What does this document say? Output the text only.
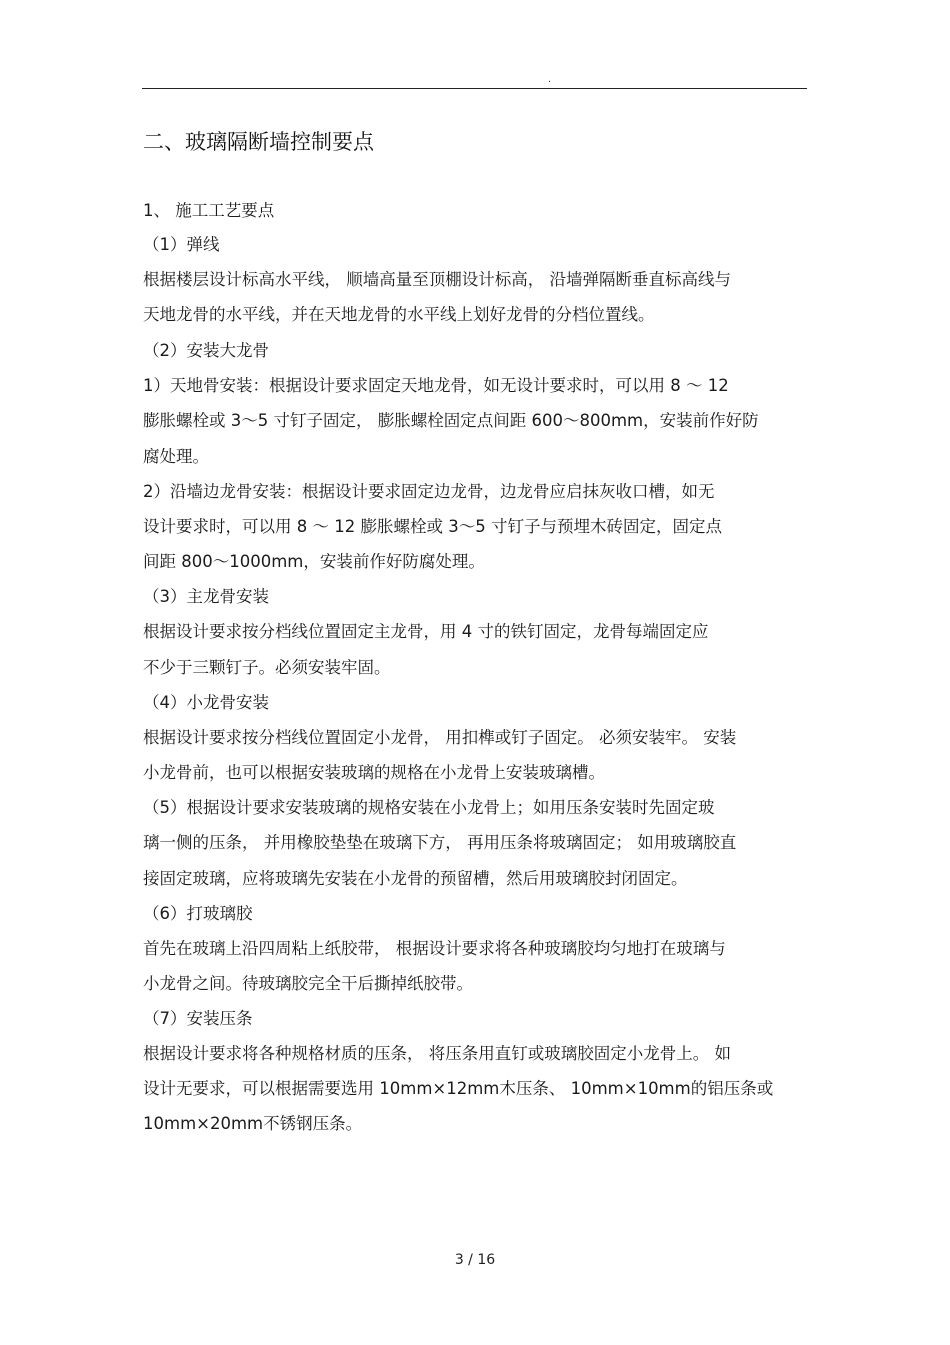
.
二、玻璃隔断墙控制要点
1、 施工工艺要点
（1）弹线
根据楼层设计标高水平线， 顺墙高量至顶棚设计标高， 沿墙弹隔断垂直标高线与
天地龙骨的水平线，并在天地龙骨的水平线上划好龙骨的分档位置线。
（2）安装大龙骨
1）天地骨安装：根据设计要求固定天地龙骨，如无设计要求时，可以用 8 ～ 12
膨胀螺栓或 3～5 寸钉子固定， 膨胀螺栓固定点间距 600～800mm，安装前作好防
腐处理。
2）沿墙边龙骨安装：根据设计要求固定边龙骨，边龙骨应启抹灰收口槽，如无
设计要求时，可以用 8 ～ 12 膨胀螺栓或 3～5 寸钉子与预埋木砖固定，固定点
间距 800～1000mm，安装前作好防腐处理。
（3）主龙骨安装
根据设计要求按分档线位置固定主龙骨，用 4 寸的铁钉固定，龙骨每端固定应
不少于三颗钉子。必须安装牢固。
（4）小龙骨安装
根据设计要求按分档线位置固定小龙骨， 用扣榫或钉子固定。 必须安装牢。 安装
小龙骨前，也可以根据安装玻璃的规格在小龙骨上安装玻璃槽。
（5）根据设计要求安装玻璃的规格安装在小龙骨上；如用压条安装时先固定玻
璃一侧的压条， 并用橡胶垫垫在玻璃下方， 再用压条将玻璃固定； 如用玻璃胶直
接固定玻璃，应将玻璃先安装在小龙骨的预留槽，然后用玻璃胶封闭固定。
（6）打玻璃胶
首先在玻璃上沿四周粘上纸胶带， 根据设计要求将各种玻璃胶均匀地打在玻璃与
小龙骨之间。待玻璃胶完全干后撕掉纸胶带。
（7）安装压条
根据设计要求将各种规格材质的压条， 将压条用直钉或玻璃胶固定小龙骨上。 如
设计无要求，可以根据需要选用 10mm×12mm木压条、 10mm×10mm的铝压条或
10mm×20mm不锈钢压条。
3 / 16
